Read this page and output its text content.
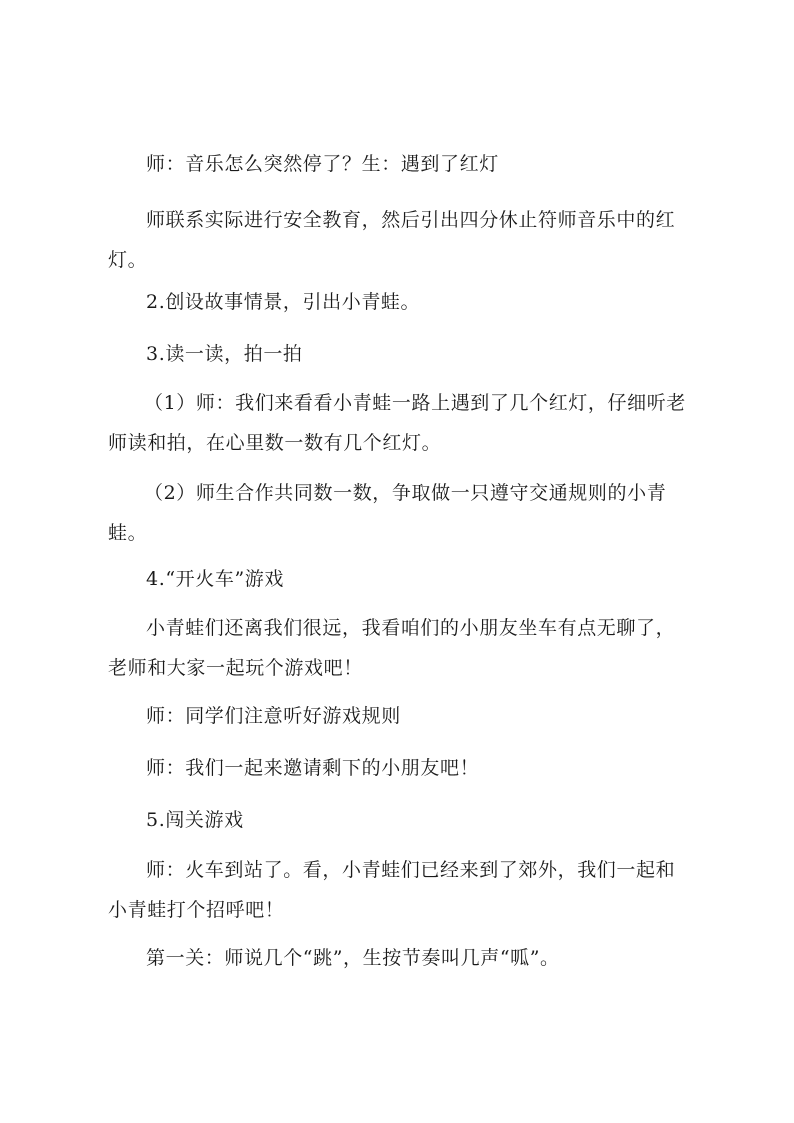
师：音乐怎么突然停了？生：遇到了红灯

师联系实际进行安全教育，然后引出四分休止符师音乐中的红灯。

2.创设故事情景，引出小青蛙。

3.读一读，拍一拍

（1）师：我们来看看小青蛙一路上遇到了几个红灯，仔细听老师读和拍，在心里数一数有几个红灯。

（2）师生合作共同数一数，争取做一只遵守交通规则的小青蛙。

4.“开火车”游戏

小青蛙们还离我们很远，我看咱们的小朋友坐车有点无聊了，老师和大家一起玩个游戏吧！

师：同学们注意听好游戏规则

师：我们一起来邀请剩下的小朋友吧！

5.闯关游戏

师：火车到站了。看，小青蛙们已经来到了郊外，我们一起和小青蛙打个招呼吧！

第一关：师说几个“跳”，生按节奏叫几声“呱”。
